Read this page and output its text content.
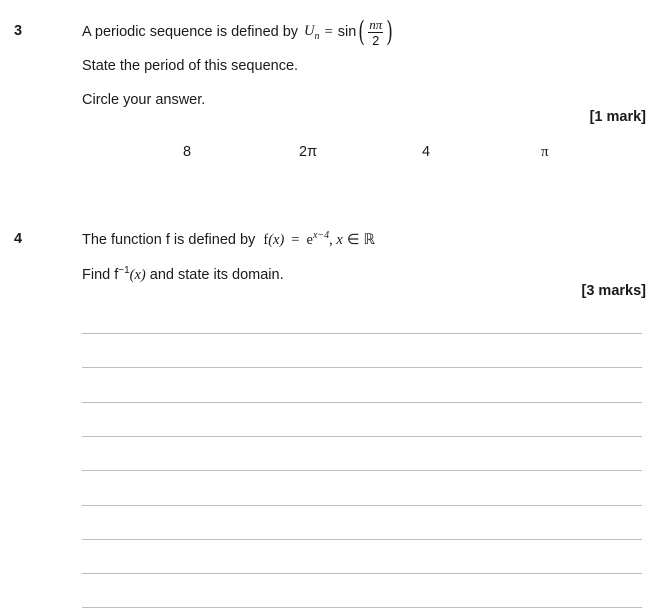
3	A periodic sequence is defined by $U_n = \sin$ ( $\frac{n\pi}{2}$ )
State the period of this sequence.
Circle your answer.
[1 mark]
8	2π	4	π
4	The function f is defined by $f(x) = e^{x-4}$, x ∈ ℝ
Find $f^{-1}(x)$ and state its domain.
[3 marks]
